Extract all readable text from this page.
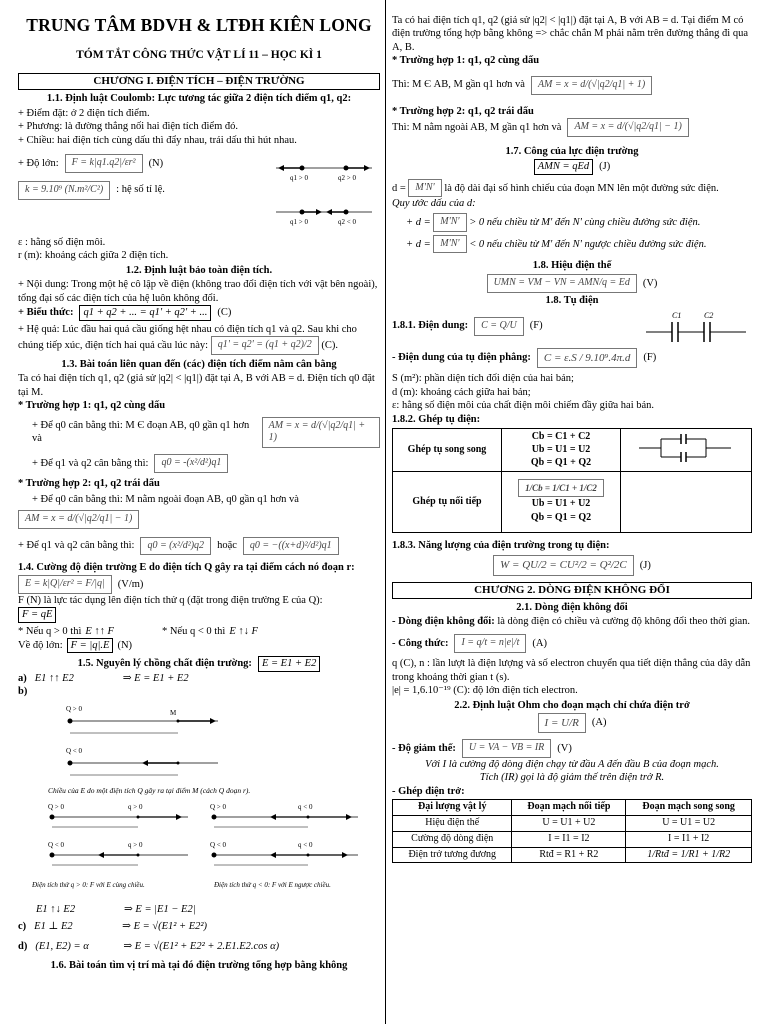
TRUNG TÂM BDVH & LTĐH KIÊN LONG

TÓM TẮT CÔNG THỨC VẬT LÍ 11 – HỌC KÌ 1

CHƯƠNG I. ĐIỆN TÍCH – ĐIỆN TRƯỜNG

1.1. Định luật Coulomb: Lực tương tác giữa 2 điện tích điểm q1, q2:

+ Điểm đặt: ở 2 điện tích điểm.

+ Phương: là đường thẳng nối hai điện tích điểm đó.

+ Chiều: hai điện tích cùng dấu thì đẩy nhau, trái dấu thì hút nhau.

+ Độ lớn:	F = k|q1.q2|/εr²	(N)
k = 9.10⁹ (N.m²/C²)	: hệ số tỉ lệ.
q1 > 0	q2 > 0
q1 > 0	q2 < 0

ε : hằng số điện môi.

r (m): khoảng cách giữa 2 điện tích.

1.2. Định luật bảo toàn điện tích.

+ Nội dung: Trong một hệ cô lập về điện (không trao đổi điện tích với vật bên ngoài), tổng đại số các điện tích của hệ luôn không đổi.

+ Biểu thức: q1 + q2 + ... = q1' + q2' + ... (C)

+ Hệ quả: Lúc đầu hai quả cầu giống hệt nhau có điện tích q1 và q2. Sau khi cho chúng tiếp xúc, điện tích hai quả cầu lúc này: q1' = q2' = (q1 + q2)/2 (C).

1.3. Bài toán liên quan đến (các) điện tích điểm nằm cân bằng

Ta có hai điện tích q1, q2 (giả sử |q2| < |q1|) đặt tại A, B với AB = d. Điện tích q0 đặt tại M.

* Trường hợp 1: q1, q2 cùng dấu

+ Để q0 cân bằng thì: M Є đoạn AB, q0 gần q1 hơn và
AM = x = d/(√|q2/q1| + 1)
+ Để q1 và q2 cân bằng thì:	q0 = -(x²/d²)q1

* Trường hợp 2: q1, q2 trái dấu

+ Để q0 cân bằng thì: M nằm ngoài đoạn AB, q0 gần q1 hơn và

AM = x = d/(√|q2/q1| − 1)
+ Để q1 và q2 cân bằng thì:	q0 = (x²/d²)q2	hoặc	q0 = −((x+d)²/d²)q1

1.4. Cường độ điện trường E do điện tích Q gây ra tại điểm cách nó đoạn r:

E = k|Q|/εr² = F/|q|	(V/m)

F (N) là lực tác dụng lên điện tích thử q (đặt trong điện trường E của Q):

F = qE
* Nếu q > 0 thì E ↑↑ F	* Nếu q < 0 thì E ↑↓ F
Về độ lớn: F = |q|.E (N)
1.5. Nguyên lý chồng chất điện trường: E = E1 + E2
a) E1 ↑↑ E2	⇒ E = E1 + E2
b)
Q > 0	M
Q < 0
Chiều của E do một điện tích Q gây ra tại điểm M (cách Q đoạn r).
Q > 0	q > 0
Q < 0	q > 0
Q > 0	q < 0
Q < 0	q < 0
Điện tích thử q > 0: F với E cùng chiều.	Điện tích thử q < 0: F với E ngược chiều.
E1 ↑↓ E2	⇒ E = |E1 − E2|
c) E1 ⊥ E2	⇒ E = √(E1² + E2²)
d) (E1, E2) = α	⇒ E = √(E1² + E2² + 2.E1.E2.cos α)

1.6. Bài toán tìm vị trí mà tại đó điện trường tổng hợp bằng không

Ta có hai điện tích q1, q2 (giả sử |q2| < |q1|) đặt tại A, B với AB = d. Tại điểm M có điện trường tổng hợp bằng không => chắc chắn M phải nằm trên đường thẳng đi qua A, B.

* Trường hợp 1: q1, q2 cùng dấu

Thì: M Є AB, M gần q1 hơn và	AM = x = d/(√|q2/q1| + 1)

* Trường hợp 2: q1, q2 trái dấu

Thì: M nằm ngoài AB, M gần q1 hơn và	AM = x = d/(√|q2/q1| − 1)

1.7. Công của lực điện trường

AMN = qEd (J)

d = M'N' là độ dài đại số hình chiếu của đoạn MN lên một đường sức điện.

Quy ước dấu của d:

+ d = M'N' > 0 nếu chiều từ M' đến N' cùng chiều đường sức điện.

+ d = M'N' < 0 nếu chiều từ M' đến N' ngược chiều đường sức điện.

1.8. Hiệu điện thế

UMN = VM − VN = AMN/q = Ed	(V)

1.8. Tụ điện

1.8.1. Điện dung:	C = Q/U	(F)
C1	C2
- Điện dung của tụ điện phẳng:	C = ε.S / 9.10⁹.4π.d	(F)

S (m²): phần diện tích đối diện của hai bản;

d (m): khoảng cách giữa hai bản;

ε: hằng số điện môi của chất điện môi chiếm đầy giữa hai bản.

1.8.2. Ghép tụ điện:

Ghép tụ song song	Cb = C1 + C2
Ub = U1 = U2
Qb = Q1 + Q2

Ghép tụ nối tiếp	1/Cb = 1/C1 + 1/C2
Ub = U1 + U2
Qb = Q1 = Q2	

1.8.3. Năng lượng của điện trường trong tụ điện:
W = QU/2 = CU²/2 = Q²/2C	(J)
CHƯƠNG 2. DÒNG ĐIỆN KHÔNG ĐỔI

2.1. Dòng điện không đổi

- Dòng điện không đổi: là dòng điện có chiều và cường độ không đổi theo thời gian.

- Công thức:	I = q/t = n|e|/t	(A)

q (C), n : lần lượt là điện lượng và số electron chuyển qua tiết diện thẳng của dây dẫn trong khoảng thời gian t (s).

|e| = 1,6.10⁻¹⁹ (C): độ lớn điện tích electron.

2.2. Định luật Ohm cho đoạn mạch chỉ chứa điện trở

I = U/R	(A)
- Độ giảm thế:	U = VA − VB = IR	(V)

Với I là cường độ dòng điện chạy từ đầu A đến đầu B của đoạn mạch.

Tích (IR) gọi là độ giảm thế trên điện trở R.

- Ghép điện trở:

Đại lượng vật lý	Đoạn mạch nối tiếp	Đoạn mạch song song
Hiệu điện thế	U = U1 + U2	U = U1 = U2
Cường độ dòng điện	I = I1 = I2	I = I1 + I2
Điện trở tương đương	Rtđ = R1 + R2	1/Rtđ = 1/R1 + 1/R2
